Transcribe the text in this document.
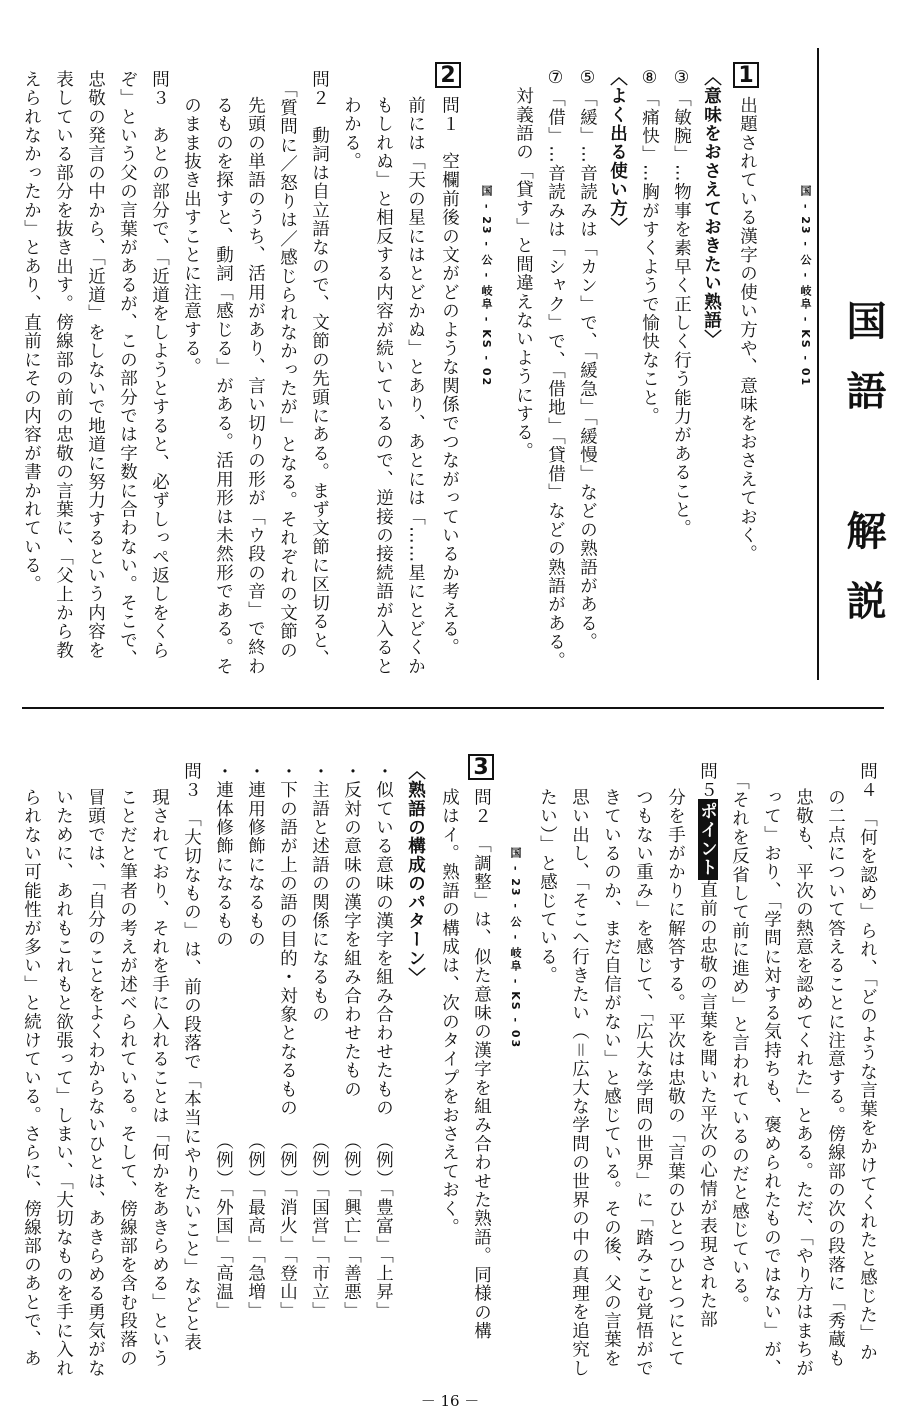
国語　解説
1
国 - 23 - 公 - 岐阜 - KS - 01
出題されている漢字の使い方や、意味をおさえておく。
〈意味をおさえておきたい熟語〉
③「敏腕」…物事を素早く正しく行う能力があること。
⑧「痛快」…胸がすくようで愉快なこと。
〈よく出る使い方〉
⑤「緩」…音読みは「カン」で、「緩急」「緩慢」などの熟語がある。
⑦「借」…音読みは「シャク」で、「借地」「貸借」などの熟語がある。
　対義語の「貸す」と間違えないようにする。
2
国 - 23 - 公 - 岐阜 - KS - 02
問１　空欄前後の文がどのような関係でつながっているか考える。
前には「天の星にはとどかぬ」とあり、あとには「……星にとどくか
もしれぬ」と相反する内容が続いているので、逆接の接続語が入ると
わかる。
問２　動詞は自立語なので、文節の先頭にある。まず文節に区切ると、
　「質問に／怒りは／感じられなかったが」となる。それぞれの文節の
先頭の単語のうち、活用があり、言い切りの形が「ウ段の音」で終わ
るものを探すと、動詞「感じる」がある。活用形は未然形である。そ
のまま抜き出すことに注意する。
問３　あとの部分で、「近道をしようとすると、必ずしっぺ返しをくら
ぞ」という父の言葉があるが、この部分では字数に合わない。そこで、
忠敬の発言の中から、「近道」をしないで地道に努力するという内容を
表している部分を抜き出す。傍線部の前の忠敬の言葉に、「父上から教
えられなかったか」とあり、直前にその内容が書かれている。
問４　「何を認め」られ、「どのような言葉をかけてくれたと感じた」か
の二点について答えることに注意する。傍線部の次の段落に「秀蔵も
忠敬も、平次の熱意を認めてくれた」とある。ただ、「やり方はまちが
って」おり、「学問に対する気持ちも、褒められたものではない」が、
　「それを反省して前に進め」と言われているのだと感じている。
問５ポイント直前の忠敬の言葉を聞いた平次の心情が表現された部
分を手がかりに解答する。平次は忠敬の「言葉のひとつひとつにとて
つもない重み」を感じて、「広大な学問の世界」に「踏みこむ覚悟がで
きているのか、まだ自信がない」と感じている。その後、父の言葉を
思い出し、「そこへ行きたい（＝広大な学問の世界の中の真理を追究し
たい）」と感じている。
3
国 - 23 - 公 - 岐阜 - KS - 03
問２　「調整」は、似た意味の漢字を組み合わせた熟語。同様の構
成はイ。熟語の構成は、次のタイプをおさえておく。
〈熟語の構成のパターン〉
・似ている意味の漢字を組み合わせたもの
（例）「豊富」「上昇」
・反対の意味の漢字を組み合わせたもの
（例）「興亡」「善悪」
・主語と述語の関係になるもの
（例）「国営」「市立」
・下の語が上の語の目的・対象となるもの
（例）「消火」「登山」
・連用修飾になるもの
（例）「最高」「急増」
・連体修飾になるもの
（例）「外国」「高温」
問３　「大切なもの」は、前の段落で「本当にやりたいこと」などと表
現されており、それを手に入れることは「何かをあきらめる」という
ことだと筆者の考えが述べられている。そして、傍線部を含む段落の
冒頭では、「自分のことをよくわからないひとは、あきらめる勇気がな
いために、あれもこれもと欲張って」しまい、「大切なものを手に入れ
られない可能性が多い」と続けている。さらに、傍線部のあとで、あ
－ 16 －
